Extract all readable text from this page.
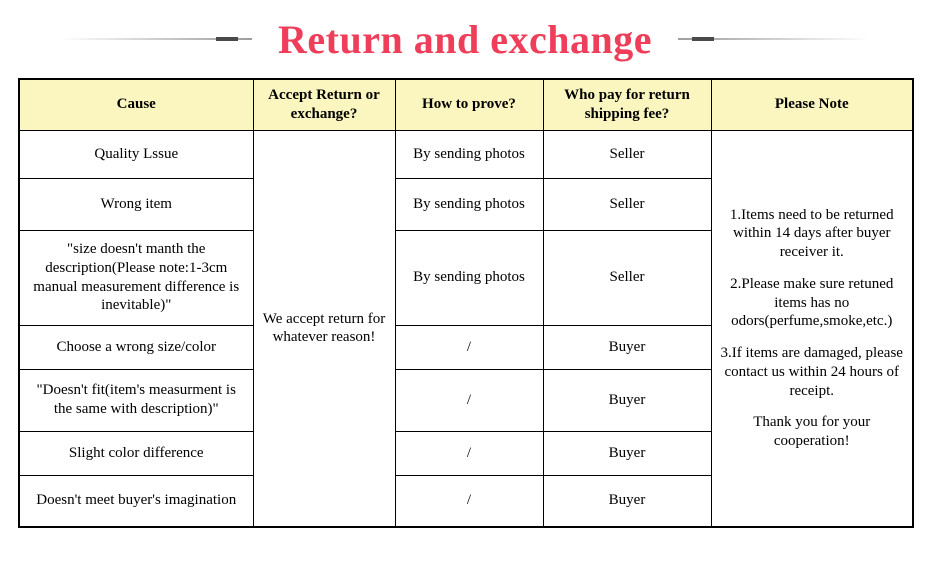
Return and exchange
Cause	Accept Return or exchange?	How to prove?	Who pay for return shipping fee?	Please Note
Quality Lssue	We accept return for whatever reason!	By sending photos	Seller	1.Items need to be returned within 14 days after buyer receiver it.

2.Please make sure retuned items has no odors(perfume,smoke,etc.)

3.If items are damaged, please contact us within 24 hours of receipt.

Thank you for your cooperation!

Wrong item		By sending photos	Seller	
"size doesn't manth the description(Please note:1-3cm manual measurement difference is inevitable)"		By sending photos	Seller	
Choose a wrong size/color		/	Buyer	
"Doesn't fit(item's measurment is the same with description)"		/	Buyer	
Slight color difference		/	Buyer	
Doesn't meet buyer's imagination		/	Buyer	
